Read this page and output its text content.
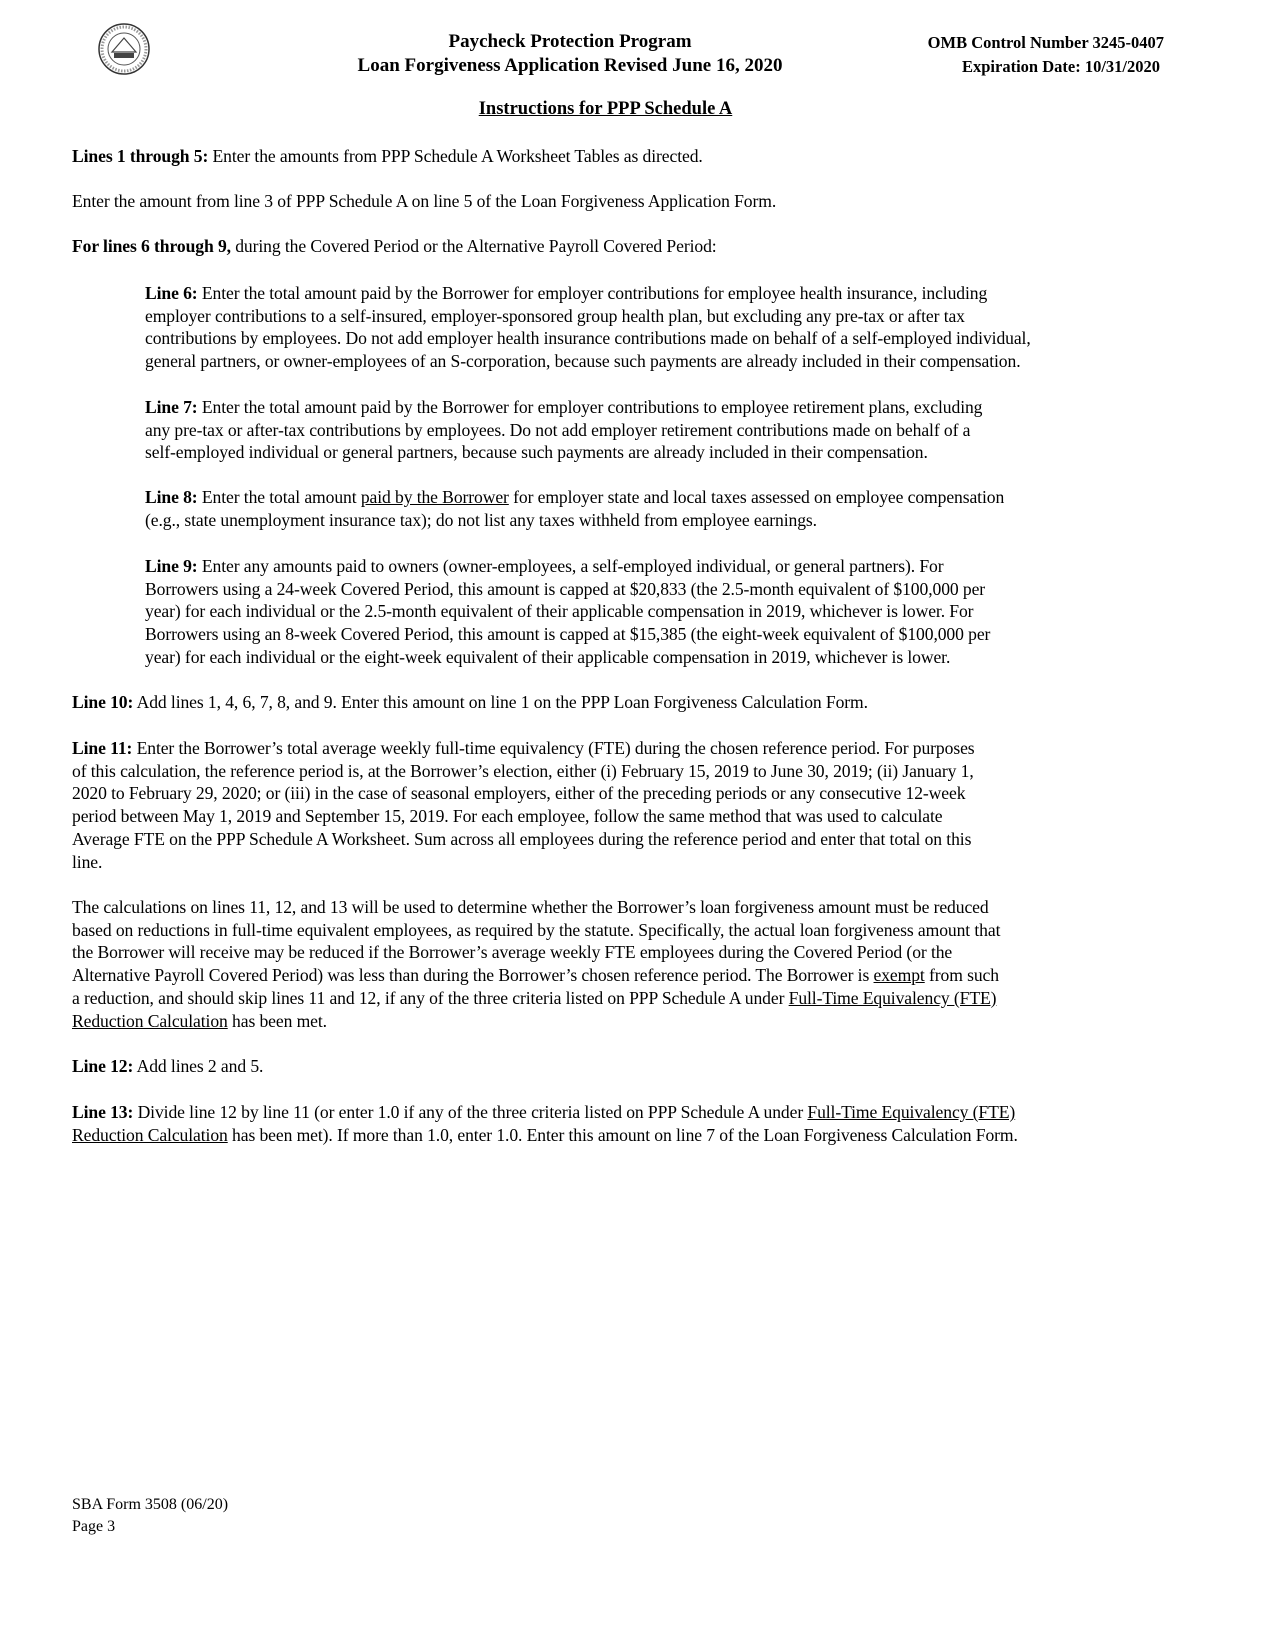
Paycheck Protection Program
Loan Forgiveness Application Revised June 16, 2020
OMB Control Number 3245-0407
Expiration Date: 10/31/2020
Instructions for PPP Schedule A
Lines 1 through 5: Enter the amounts from PPP Schedule A Worksheet Tables as directed.
Enter the amount from line 3 of PPP Schedule A on line 5 of the Loan Forgiveness Application Form.
For lines 6 through 9, during the Covered Period or the Alternative Payroll Covered Period:
Line 6: Enter the total amount paid by the Borrower for employer contributions for employee health insurance, including
employer contributions to a self-insured, employer-sponsored group health plan, but excluding any pre-tax or after tax
contributions by employees. Do not add employer health insurance contributions made on behalf of a self-employed individual,
general partners, or owner-employees of an S-corporation, because such payments are already included in their compensation.
Line 7: Enter the total amount paid by the Borrower for employer contributions to employee retirement plans, excluding
any pre-tax or after-tax contributions by employees. Do not add employer retirement contributions made on behalf of a
self-employed individual or general partners, because such payments are already included in their compensation.
Line 8: Enter the total amount paid by the Borrower for employer state and local taxes assessed on employee compensation
(e.g., state unemployment insurance tax); do not list any taxes withheld from employee earnings.
Line 9: Enter any amounts paid to owners (owner-employees, a self-employed individual, or general partners). For
Borrowers using a 24-week Covered Period, this amount is capped at $20,833 (the 2.5-month equivalent of $100,000 per
year) for each individual or the 2.5-month equivalent of their applicable compensation in 2019, whichever is lower. For
Borrowers using an 8-week Covered Period, this amount is capped at $15,385 (the eight-week equivalent of $100,000 per
year) for each individual or the eight-week equivalent of their applicable compensation in 2019, whichever is lower.
Line 10: Add lines 1, 4, 6, 7, 8, and 9. Enter this amount on line 1 on the PPP Loan Forgiveness Calculation Form.
Line 11: Enter the Borrower’s total average weekly full-time equivalency (FTE) during the chosen reference period. For purposes
of this calculation, the reference period is, at the Borrower’s election, either (i) February 15, 2019 to June 30, 2019; (ii) January 1,
2020 to February 29, 2020; or (iii) in the case of seasonal employers, either of the preceding periods or any consecutive 12-week
period between May 1, 2019 and September 15, 2019. For each employee, follow the same method that was used to calculate
Average FTE on the PPP Schedule A Worksheet. Sum across all employees during the reference period and enter that total on this
line.
The calculations on lines 11, 12, and 13 will be used to determine whether the Borrower’s loan forgiveness amount must be reduced
based on reductions in full-time equivalent employees, as required by the statute. Specifically, the actual loan forgiveness amount that
the Borrower will receive may be reduced if the Borrower’s average weekly FTE employees during the Covered Period (or the
Alternative Payroll Covered Period) was less than during the Borrower’s chosen reference period. The Borrower is exempt from such
a reduction, and should skip lines 11 and 12, if any of the three criteria listed on PPP Schedule A under Full-Time Equivalency (FTE)
Reduction Calculation has been met.
Line 12: Add lines 2 and 5.
Line 13: Divide line 12 by line 11 (or enter 1.0 if any of the three criteria listed on PPP Schedule A under Full-Time Equivalency (FTE)
Reduction Calculation has been met). If more than 1.0, enter 1.0. Enter this amount on line 7 of the Loan Forgiveness Calculation Form.
SBA Form 3508 (06/20)
Page 3
